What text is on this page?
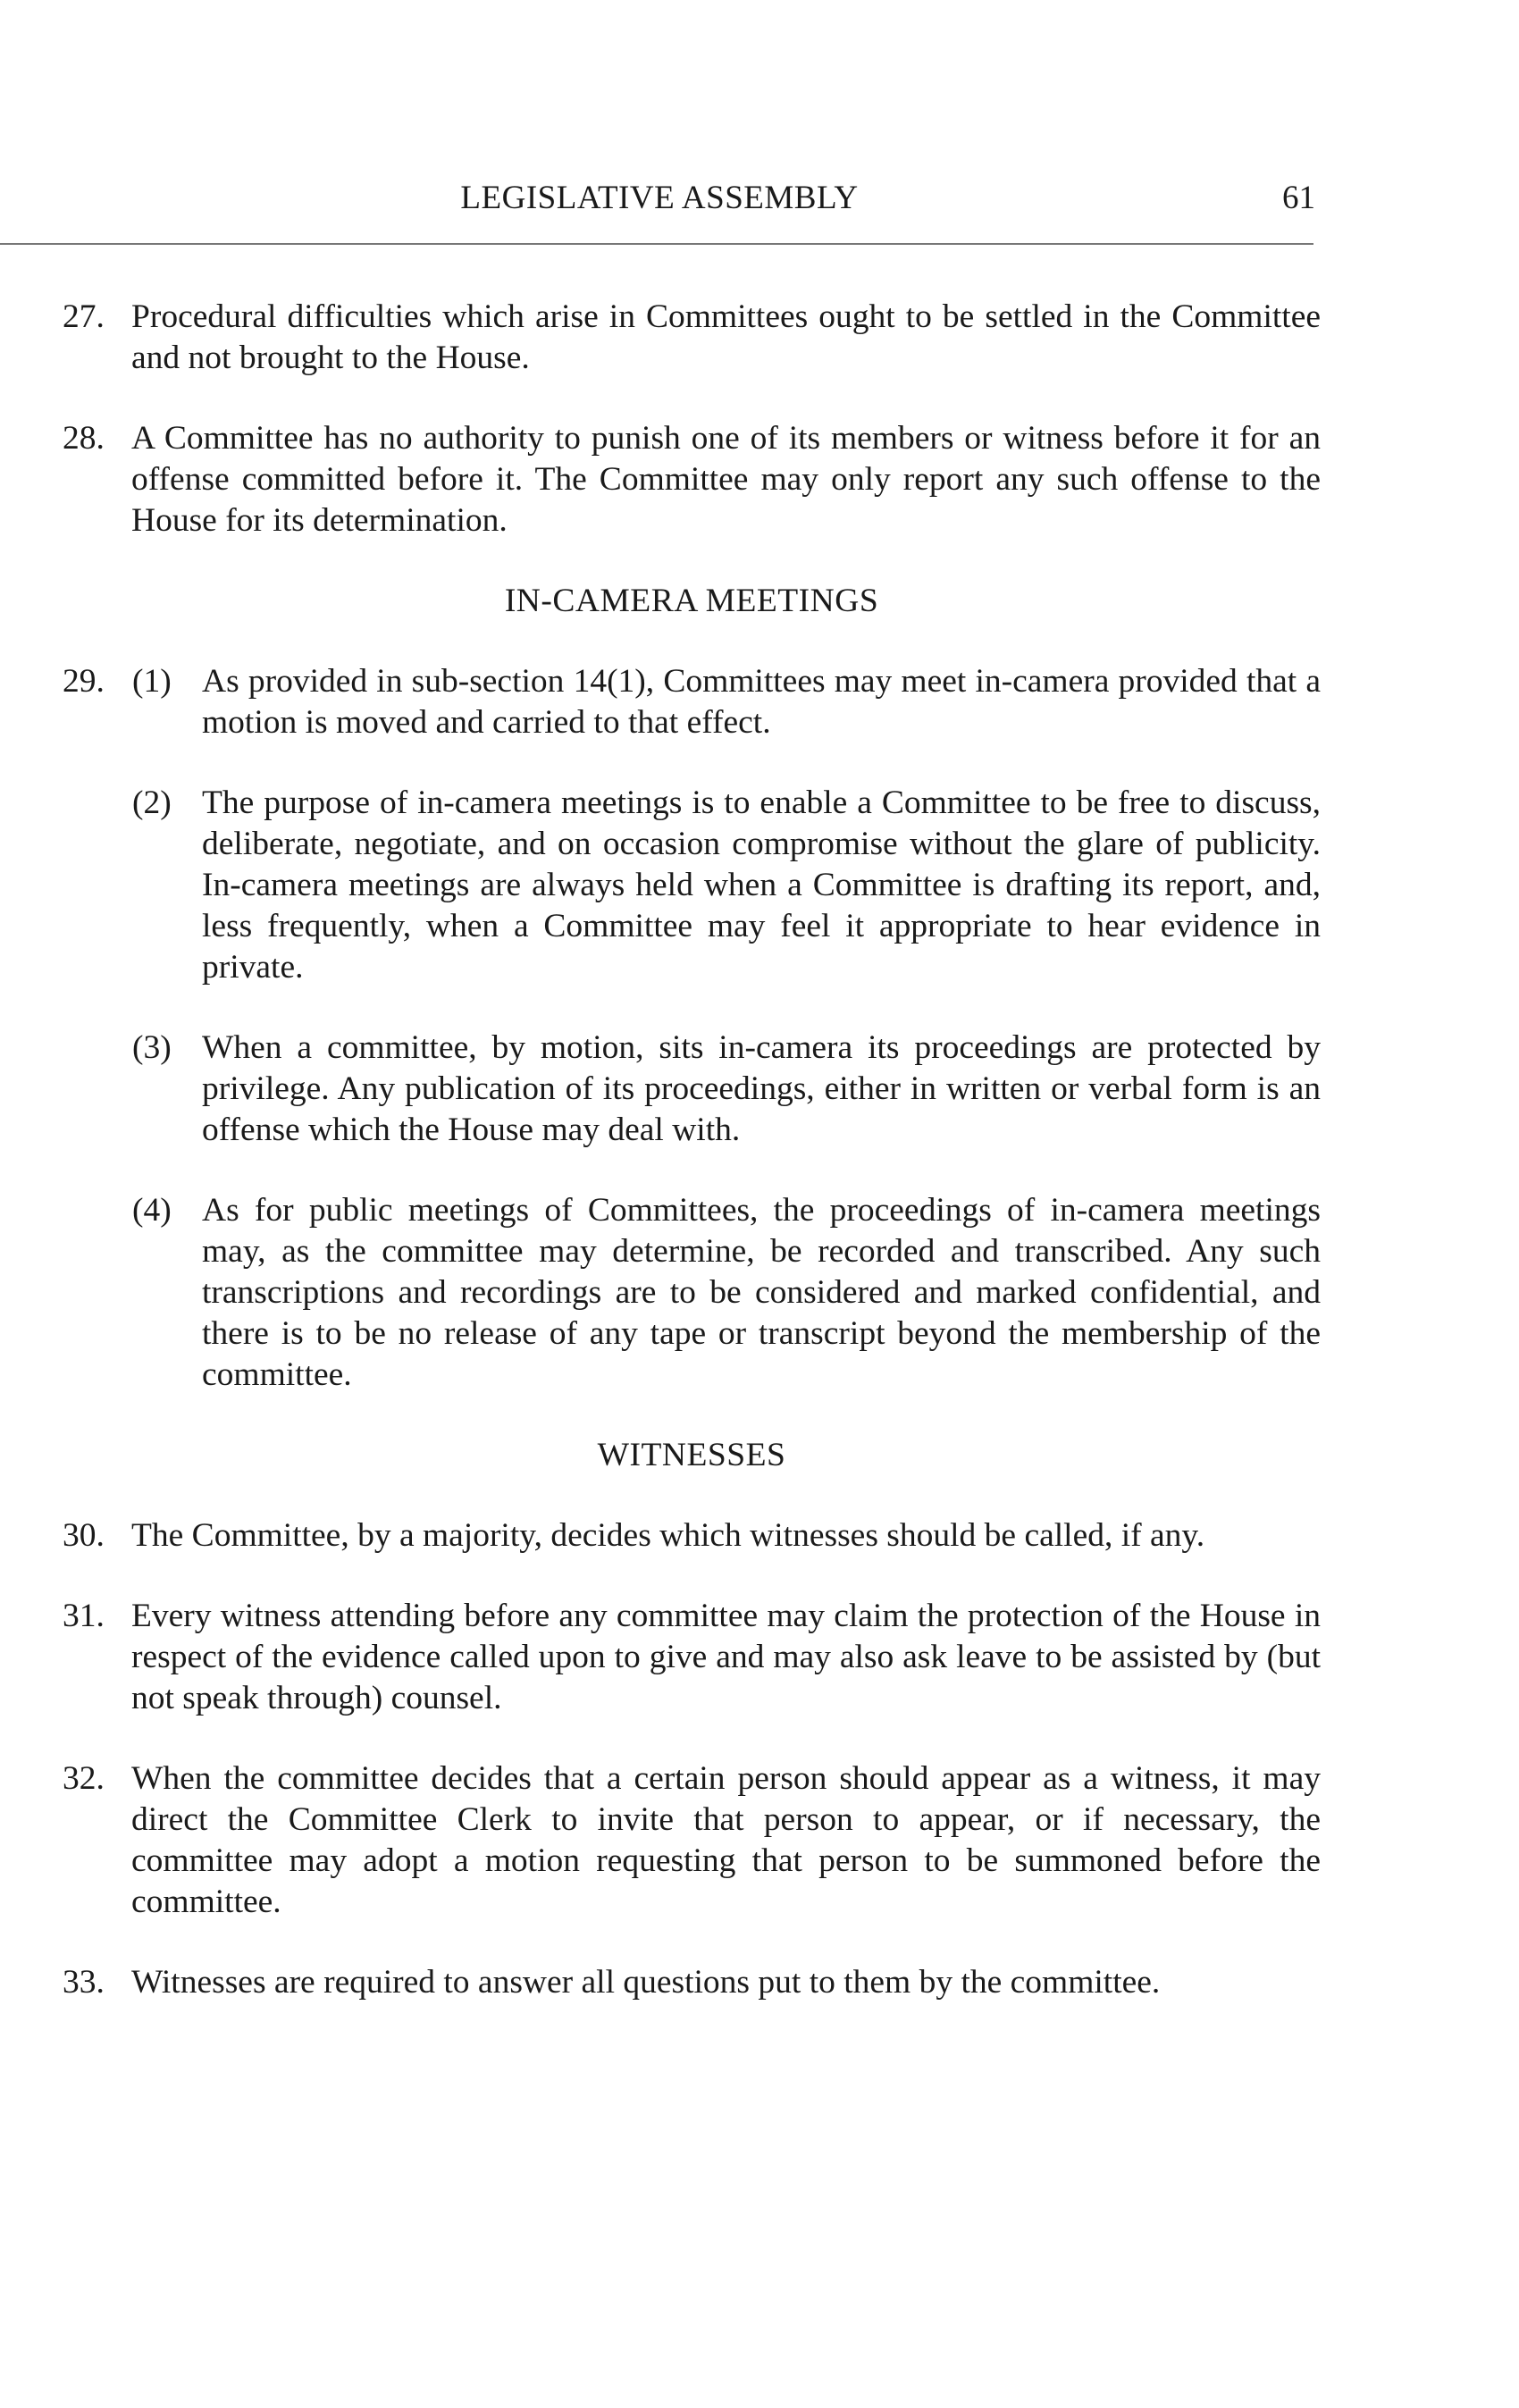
LEGISLATIVE ASSEMBLY	61
27. Procedural difficulties which arise in Committees ought to be settled in the Committee and not brought to the House.
28. A Committee has no authority to punish one of its members or witness before it for an offense committed before it. The Committee may only report any such offense to the House for its determination.
IN-CAMERA MEETINGS
29. (1) As provided in sub-section 14(1), Committees may meet in-camera provided that a motion is moved and carried to that effect.
(2) The purpose of in-camera meetings is to enable a Committee to be free to discuss, deliberate, negotiate, and on occasion compromise without the glare of publicity. In-camera meetings are always held when a Committee is drafting its report, and, less frequently, when a Committee may feel it appropriate to hear evidence in private.
(3) When a committee, by motion, sits in-camera its proceedings are protected by privilege. Any publication of its proceedings, either in written or verbal form is an offense which the House may deal with.
(4) As for public meetings of Committees, the proceedings of in-camera meetings may, as the committee may determine, be recorded and transcribed. Any such transcriptions and recordings are to be considered and marked confidential, and there is to be no release of any tape or transcript beyond the membership of the committee.
WITNESSES
30. The Committee, by a majority, decides which witnesses should be called, if any.
31. Every witness attending before any committee may claim the protection of the House in respect of the evidence called upon to give and may also ask leave to be assisted by (but not speak through) counsel.
32. When the committee decides that a certain person should appear as a witness, it may direct the Committee Clerk to invite that person to appear, or if necessary, the committee may adopt a motion requesting that person to be summoned before the committee.
33. Witnesses are required to answer all questions put to them by the committee.
